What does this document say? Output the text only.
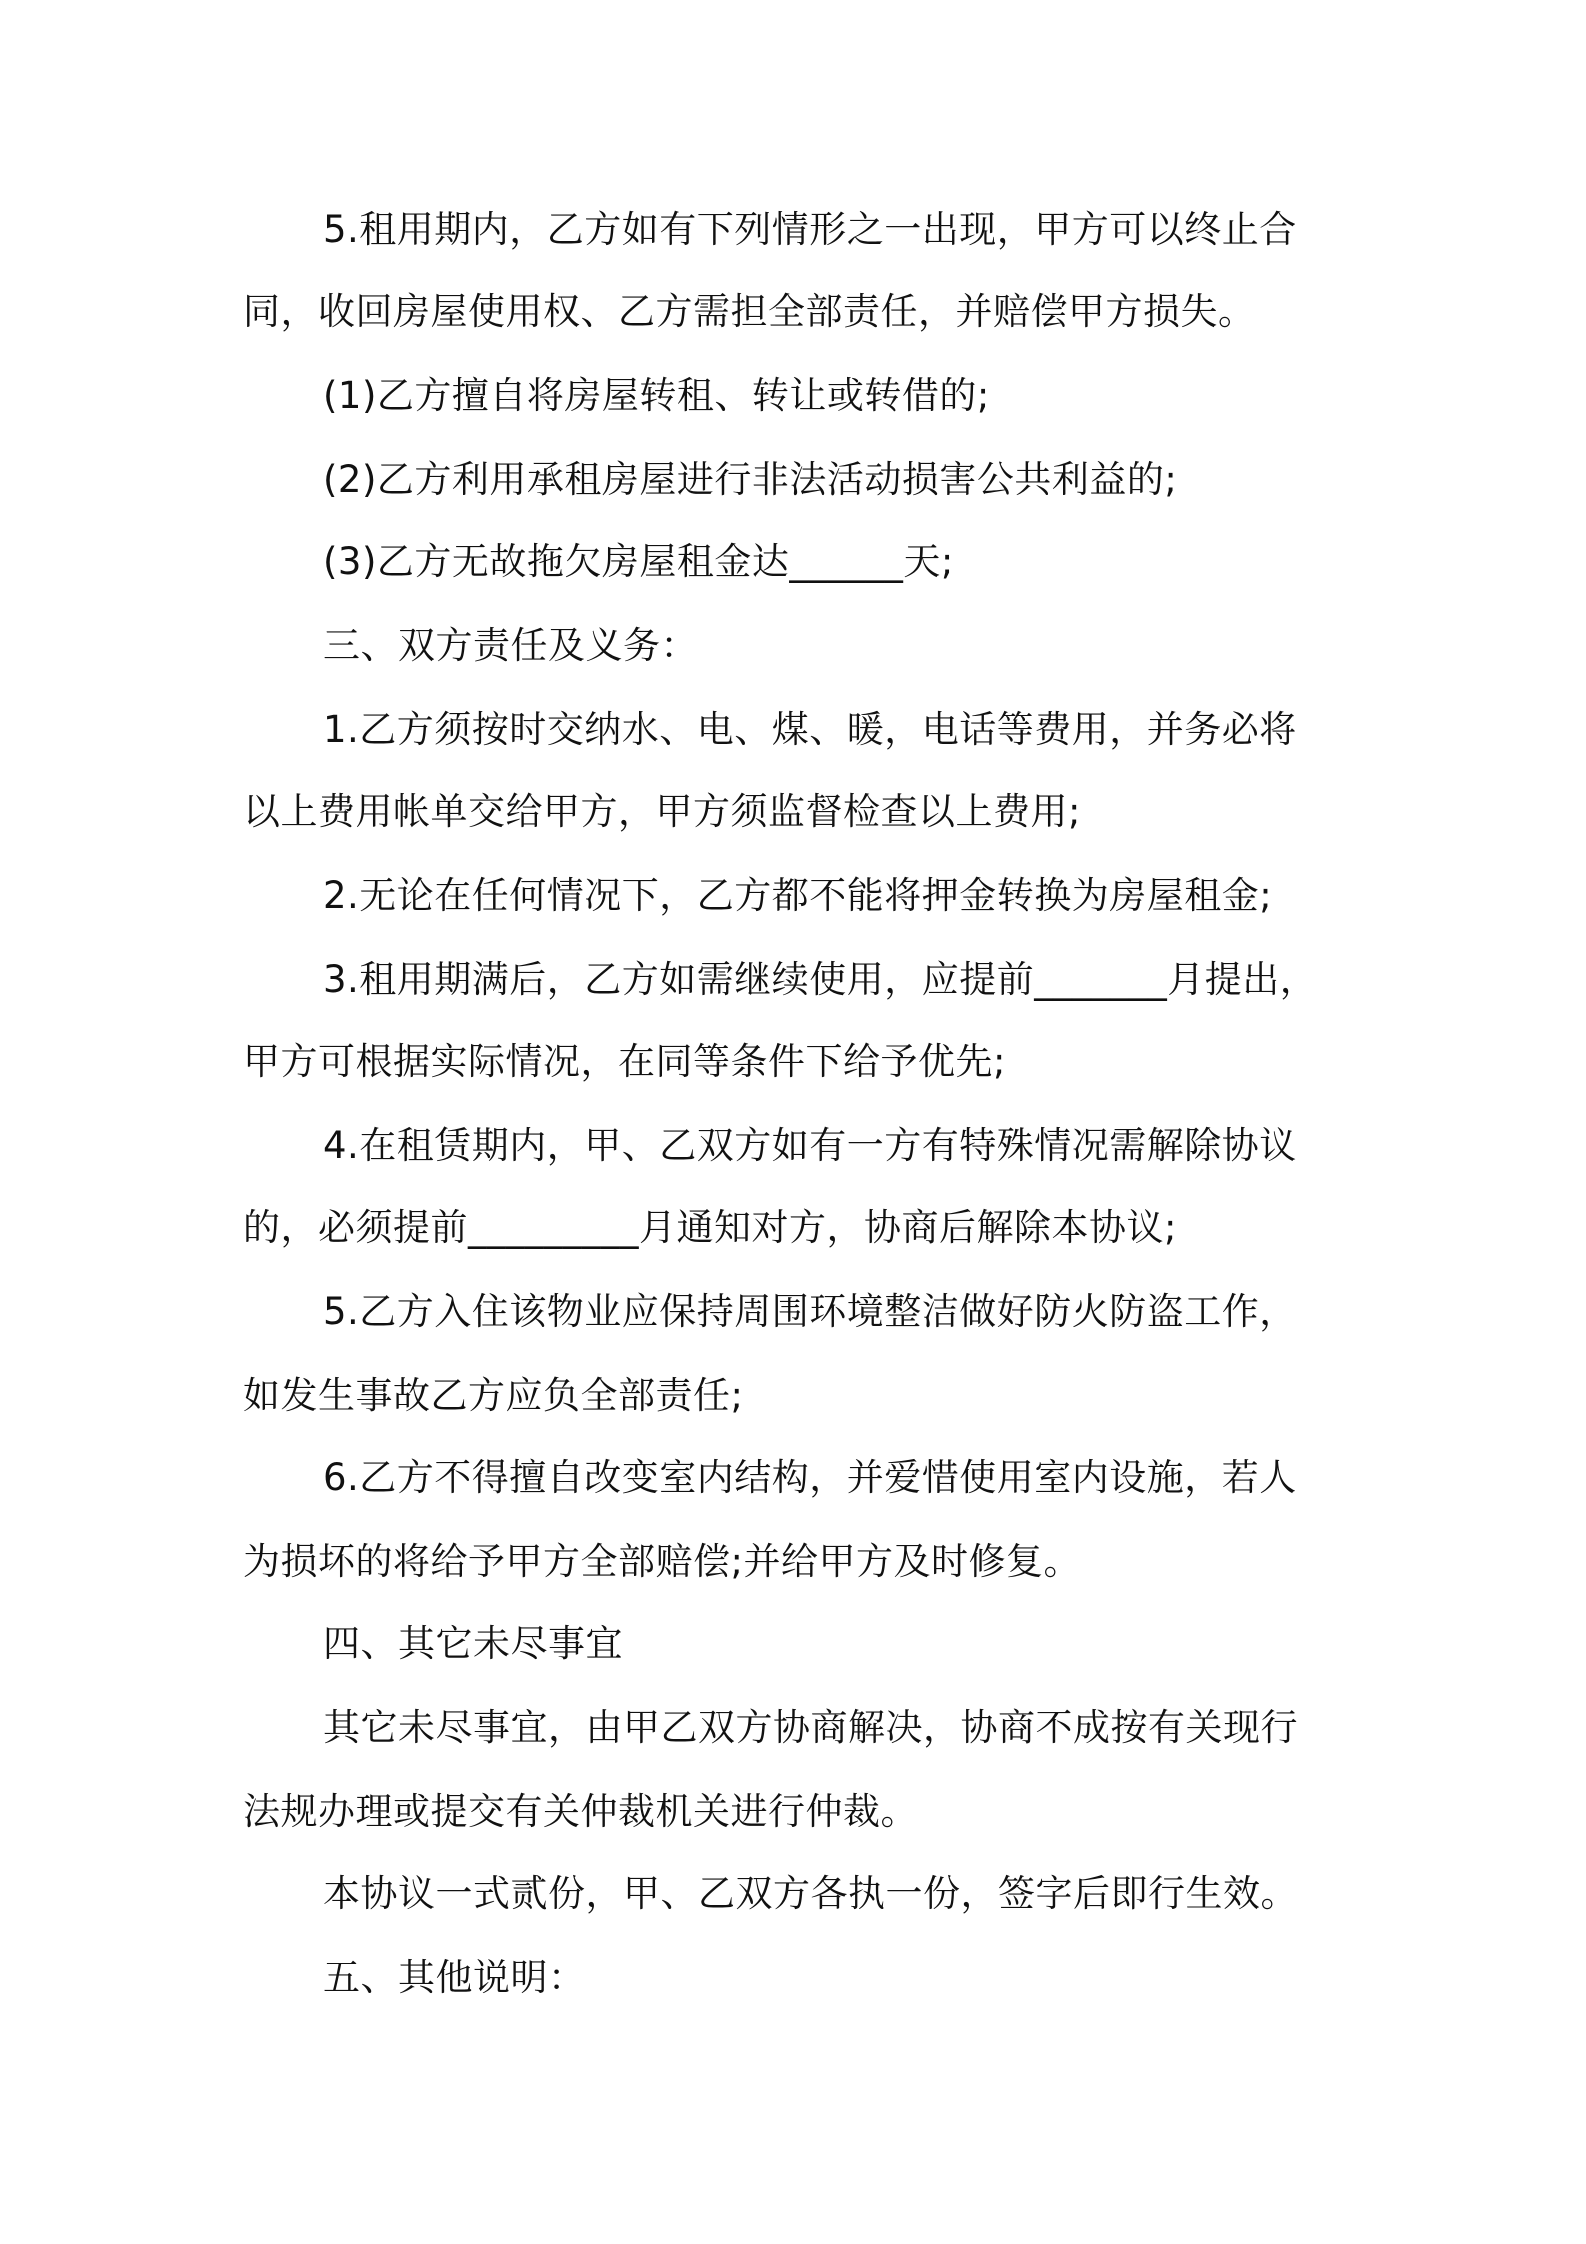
5.租用期内，乙方如有下列情形之一出现，甲方可以终止合
同，收回房屋使用权、乙方需担全部责任，并赔偿甲方损失。
(1)乙方擅自将房屋转租、转让或转借的;
(2)乙方利用承租房屋进行非法活动损害公共利益的;
(3)乙方无故拖欠房屋租金达______天;
三、双方责任及义务：
1.乙方须按时交纳水、电、煤、暖，电话等费用，并务必将
以上费用帐单交给甲方，甲方须监督检查以上费用;
2.无论在任何情况下，乙方都不能将押金转换为房屋租金;
3.租用期满后，乙方如需继续使用，应提前_______月提出，
甲方可根据实际情况，在同等条件下给予优先;
4.在租赁期内，甲、乙双方如有一方有特殊情况需解除协议
的，必须提前_________月通知对方，协商后解除本协议;
5.乙方入住该物业应保持周围环境整洁做好防火防盗工作，
如发生事故乙方应负全部责任;
6.乙方不得擅自改变室内结构，并爱惜使用室内设施，若人
为损坏的将给予甲方全部赔偿;并给甲方及时修复。
四、其它未尽事宜
其它未尽事宜，由甲乙双方协商解决，协商不成按有关现行
法规办理或提交有关仲裁机关进行仲裁。
本协议一式贰份，甲、乙双方各执一份，签字后即行生效。
五、其他说明：
